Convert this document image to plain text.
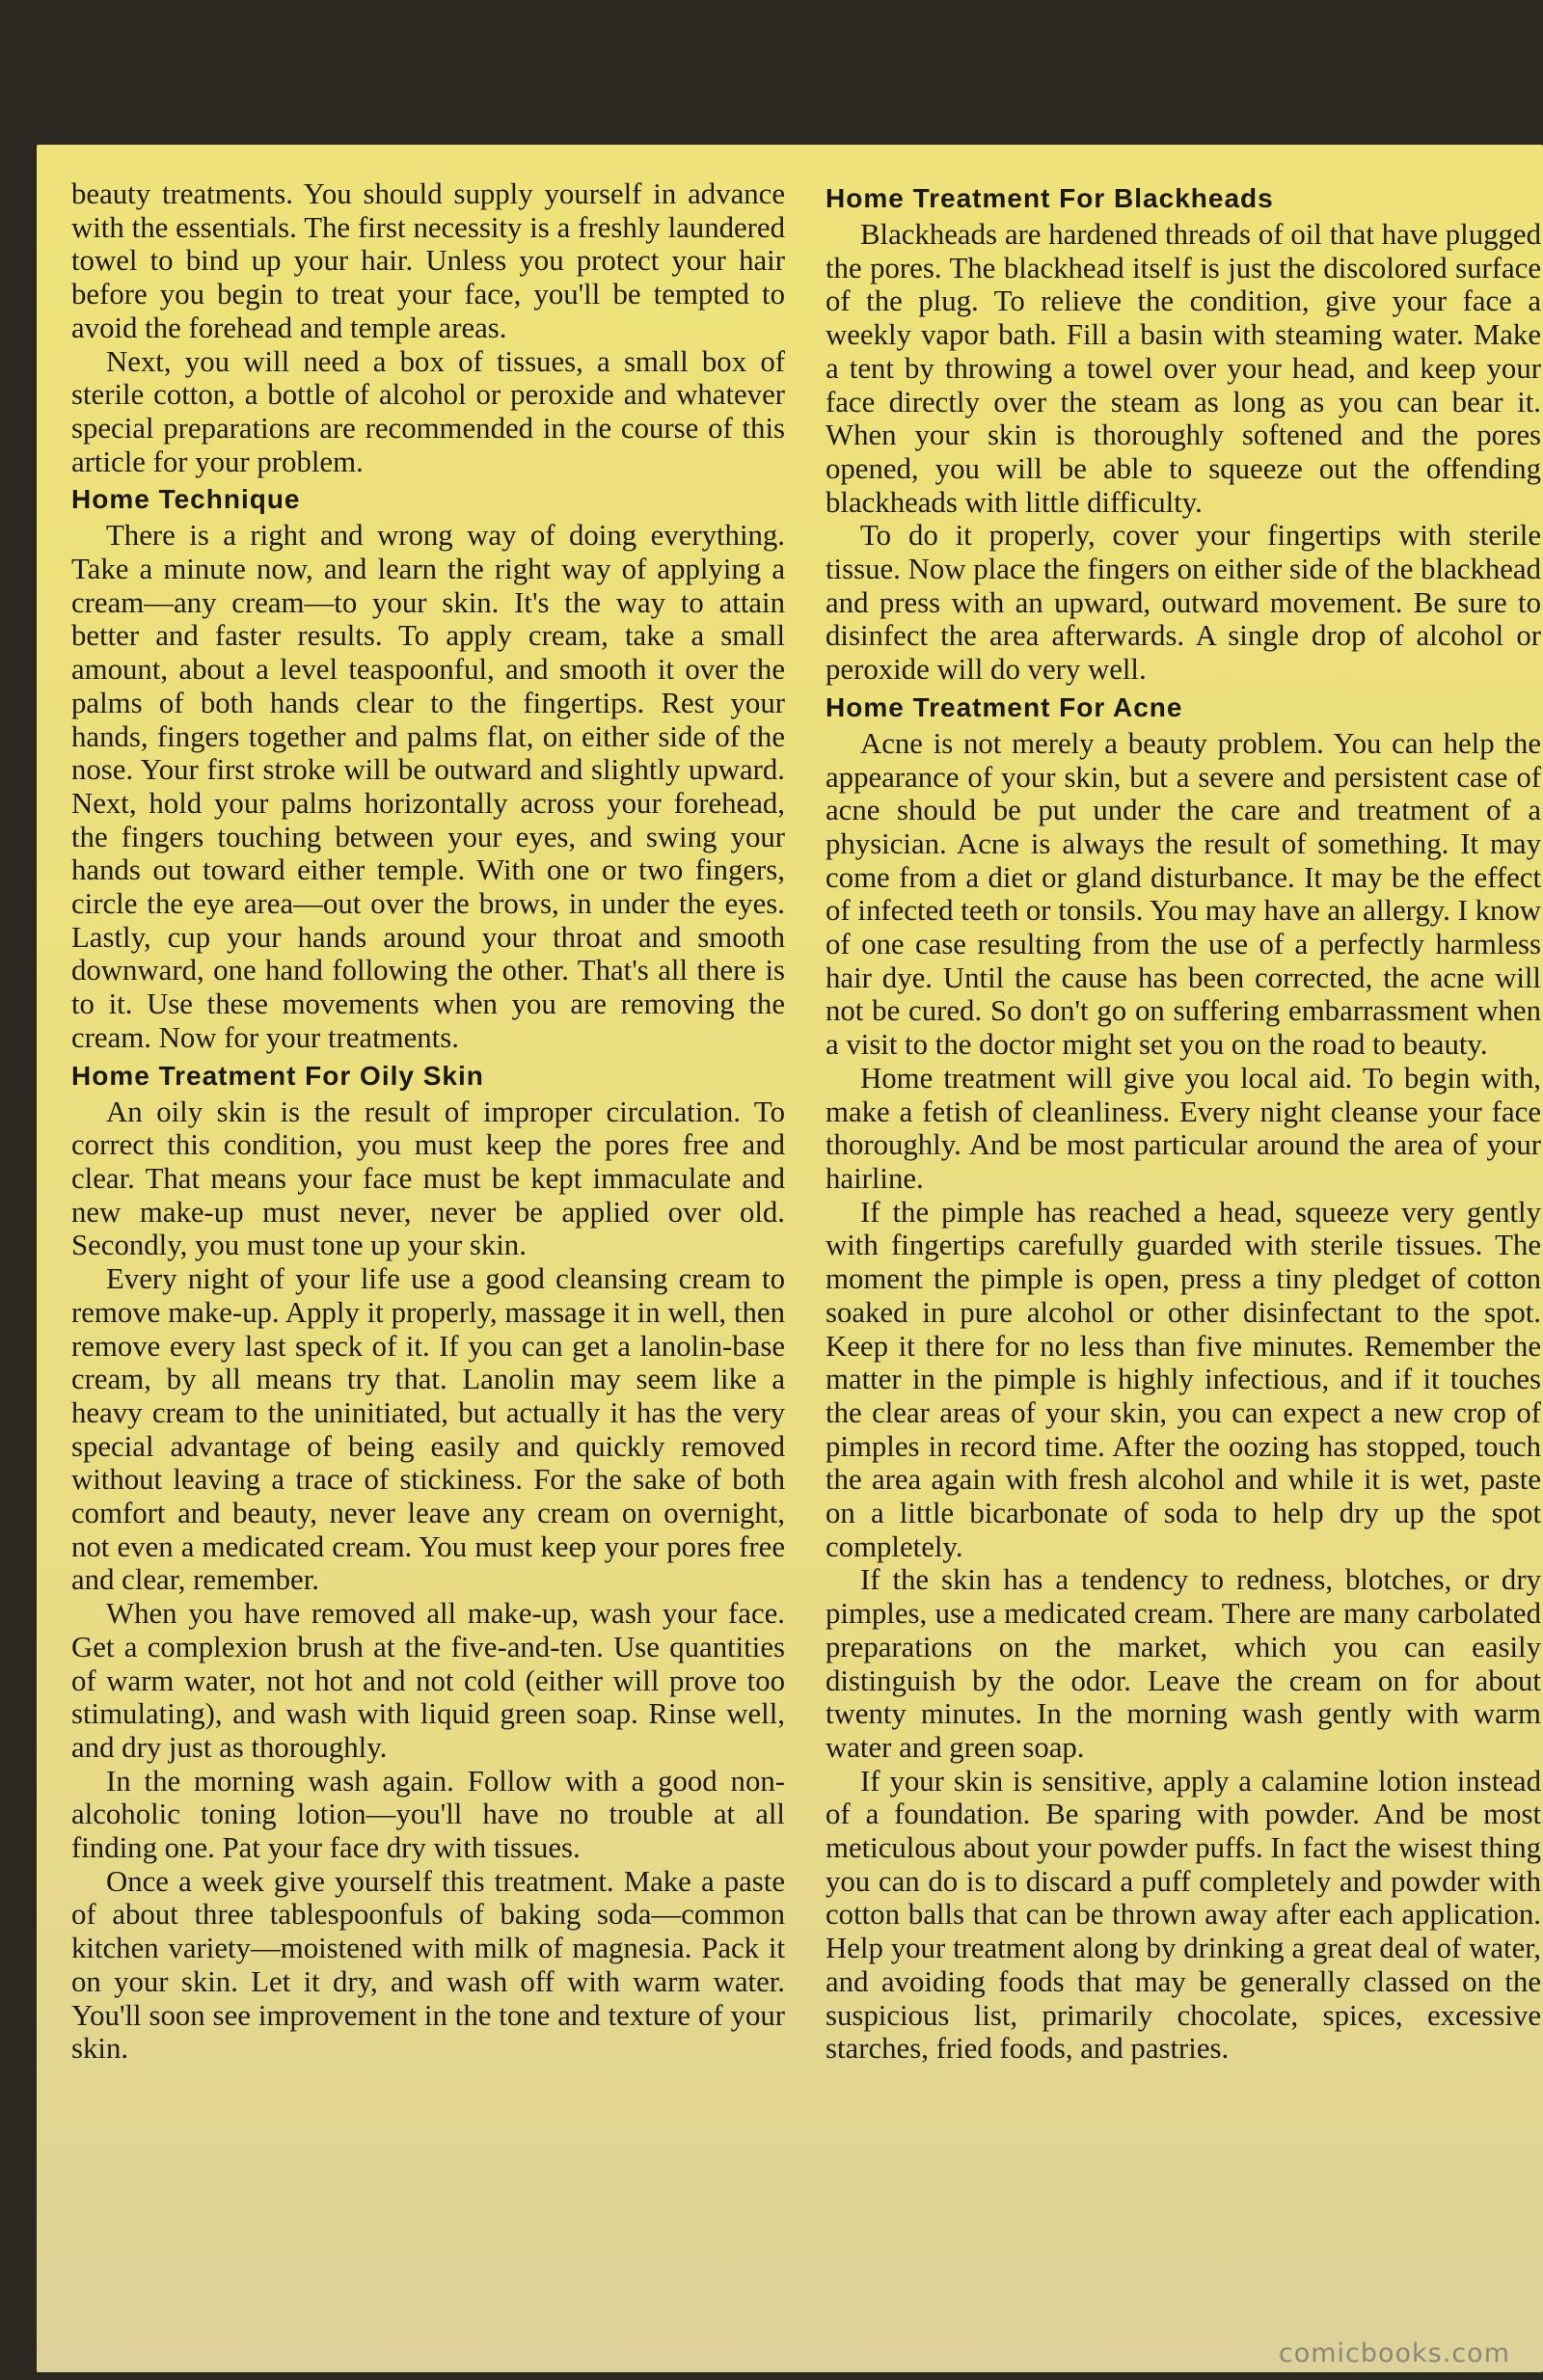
beauty treatments. You should supply yourself in advance with the essentials. The first necessity is a freshly laundered towel to bind up your hair. Unless you protect your hair before you begin to treat your face, you'll be tempted to avoid the forehead and temple areas.

Next, you will need a box of tissues, a small box of sterile cotton, a bottle of alcohol or peroxide and whatever special preparations are recommended in the course of this article for your problem.

Home Technique

There is a right and wrong way of doing everything. Take a minute now, and learn the right way of applying a cream—any cream—to your skin. It's the way to attain better and faster results. To apply cream, take a small amount, about a level teaspoonful, and smooth it over the palms of both hands clear to the fingertips. Rest your hands, fingers together and palms flat, on either side of the nose. Your first stroke will be outward and slightly upward. Next, hold your palms horizontally across your forehead, the fingers touching between your eyes, and swing your hands out toward either temple. With one or two fingers, circle the eye area—out over the brows, in under the eyes. Lastly, cup your hands around your throat and smooth downward, one hand following the other. That's all there is to it. Use these movements when you are removing the cream. Now for your treatments.

Home Treatment For Oily Skin

An oily skin is the result of improper circulation. To correct this condition, you must keep the pores free and clear. That means your face must be kept immaculate and new make-up must never, never be applied over old. Secondly, you must tone up your skin.

Every night of your life use a good cleansing cream to remove make-up. Apply it properly, massage it in well, then remove every last speck of it. If you can get a lanolin-base cream, by all means try that. Lanolin may seem like a heavy cream to the uninitiated, but actually it has the very special advantage of being easily and quickly removed without leaving a trace of stickiness. For the sake of both comfort and beauty, never leave any cream on overnight, not even a medicated cream. You must keep your pores free and clear, remember.

When you have removed all make-up, wash your face. Get a complexion brush at the five-and-ten. Use quantities of warm water, not hot and not cold (either will prove too stimulating), and wash with liquid green soap. Rinse well, and dry just as thoroughly.

In the morning wash again. Follow with a good non-alcoholic toning lotion—you'll have no trouble at all finding one. Pat your face dry with tissues.

Once a week give yourself this treatment. Make a paste of about three tablespoonfuls of baking soda—common kitchen variety—moistened with milk of magnesia. Pack it on your skin. Let it dry, and wash off with warm water. You'll soon see improvement in the tone and texture of your skin.

Home Treatment For Blackheads

Blackheads are hardened threads of oil that have plugged the pores. The blackhead itself is just the discolored surface of the plug. To relieve the condition, give your face a weekly vapor bath. Fill a basin with steaming water. Make a tent by throwing a towel over your head, and keep your face directly over the steam as long as you can bear it. When your skin is thoroughly softened and the pores opened, you will be able to squeeze out the offending blackheads with little difficulty.

To do it properly, cover your fingertips with sterile tissue. Now place the fingers on either side of the blackhead and press with an upward, outward movement. Be sure to disinfect the area afterwards. A single drop of alcohol or peroxide will do very well.

Home Treatment For Acne

Acne is not merely a beauty problem. You can help the appearance of your skin, but a severe and persistent case of acne should be put under the care and treatment of a physician. Acne is always the result of something. It may come from a diet or gland disturbance. It may be the effect of infected teeth or tonsils. You may have an allergy. I know of one case resulting from the use of a perfectly harmless hair dye. Until the cause has been corrected, the acne will not be cured. So don't go on suffering embarrassment when a visit to the doctor might set you on the road to beauty.

Home treatment will give you local aid. To begin with, make a fetish of cleanliness. Every night cleanse your face thoroughly. And be most particular around the area of your hairline.

If the pimple has reached a head, squeeze very gently with fingertips carefully guarded with sterile tissues. The moment the pimple is open, press a tiny pledget of cotton soaked in pure alcohol or other disinfectant to the spot. Keep it there for no less than five minutes. Remember the matter in the pimple is highly infectious, and if it touches the clear areas of your skin, you can expect a new crop of pimples in record time. After the oozing has stopped, touch the area again with fresh alcohol and while it is wet, paste on a little bicarbonate of soda to help dry up the spot completely.

If the skin has a tendency to redness, blotches, or dry pimples, use a medicated cream. There are many carbolated preparations on the market, which you can easily distinguish by the odor. Leave the cream on for about twenty minutes. In the morning wash gently with warm water and green soap.

If your skin is sensitive, apply a calamine lotion instead of a foundation. Be sparing with powder. And be most meticulous about your powder puffs. In fact the wisest thing you can do is to discard a puff completely and powder with cotton balls that can be thrown away after each application. Help your treatment along by drinking a great deal of water, and avoiding foods that may be generally classed on the suspicious list, primarily chocolate, spices, excessive starches, fried foods, and pastries.

comicbooks.com
